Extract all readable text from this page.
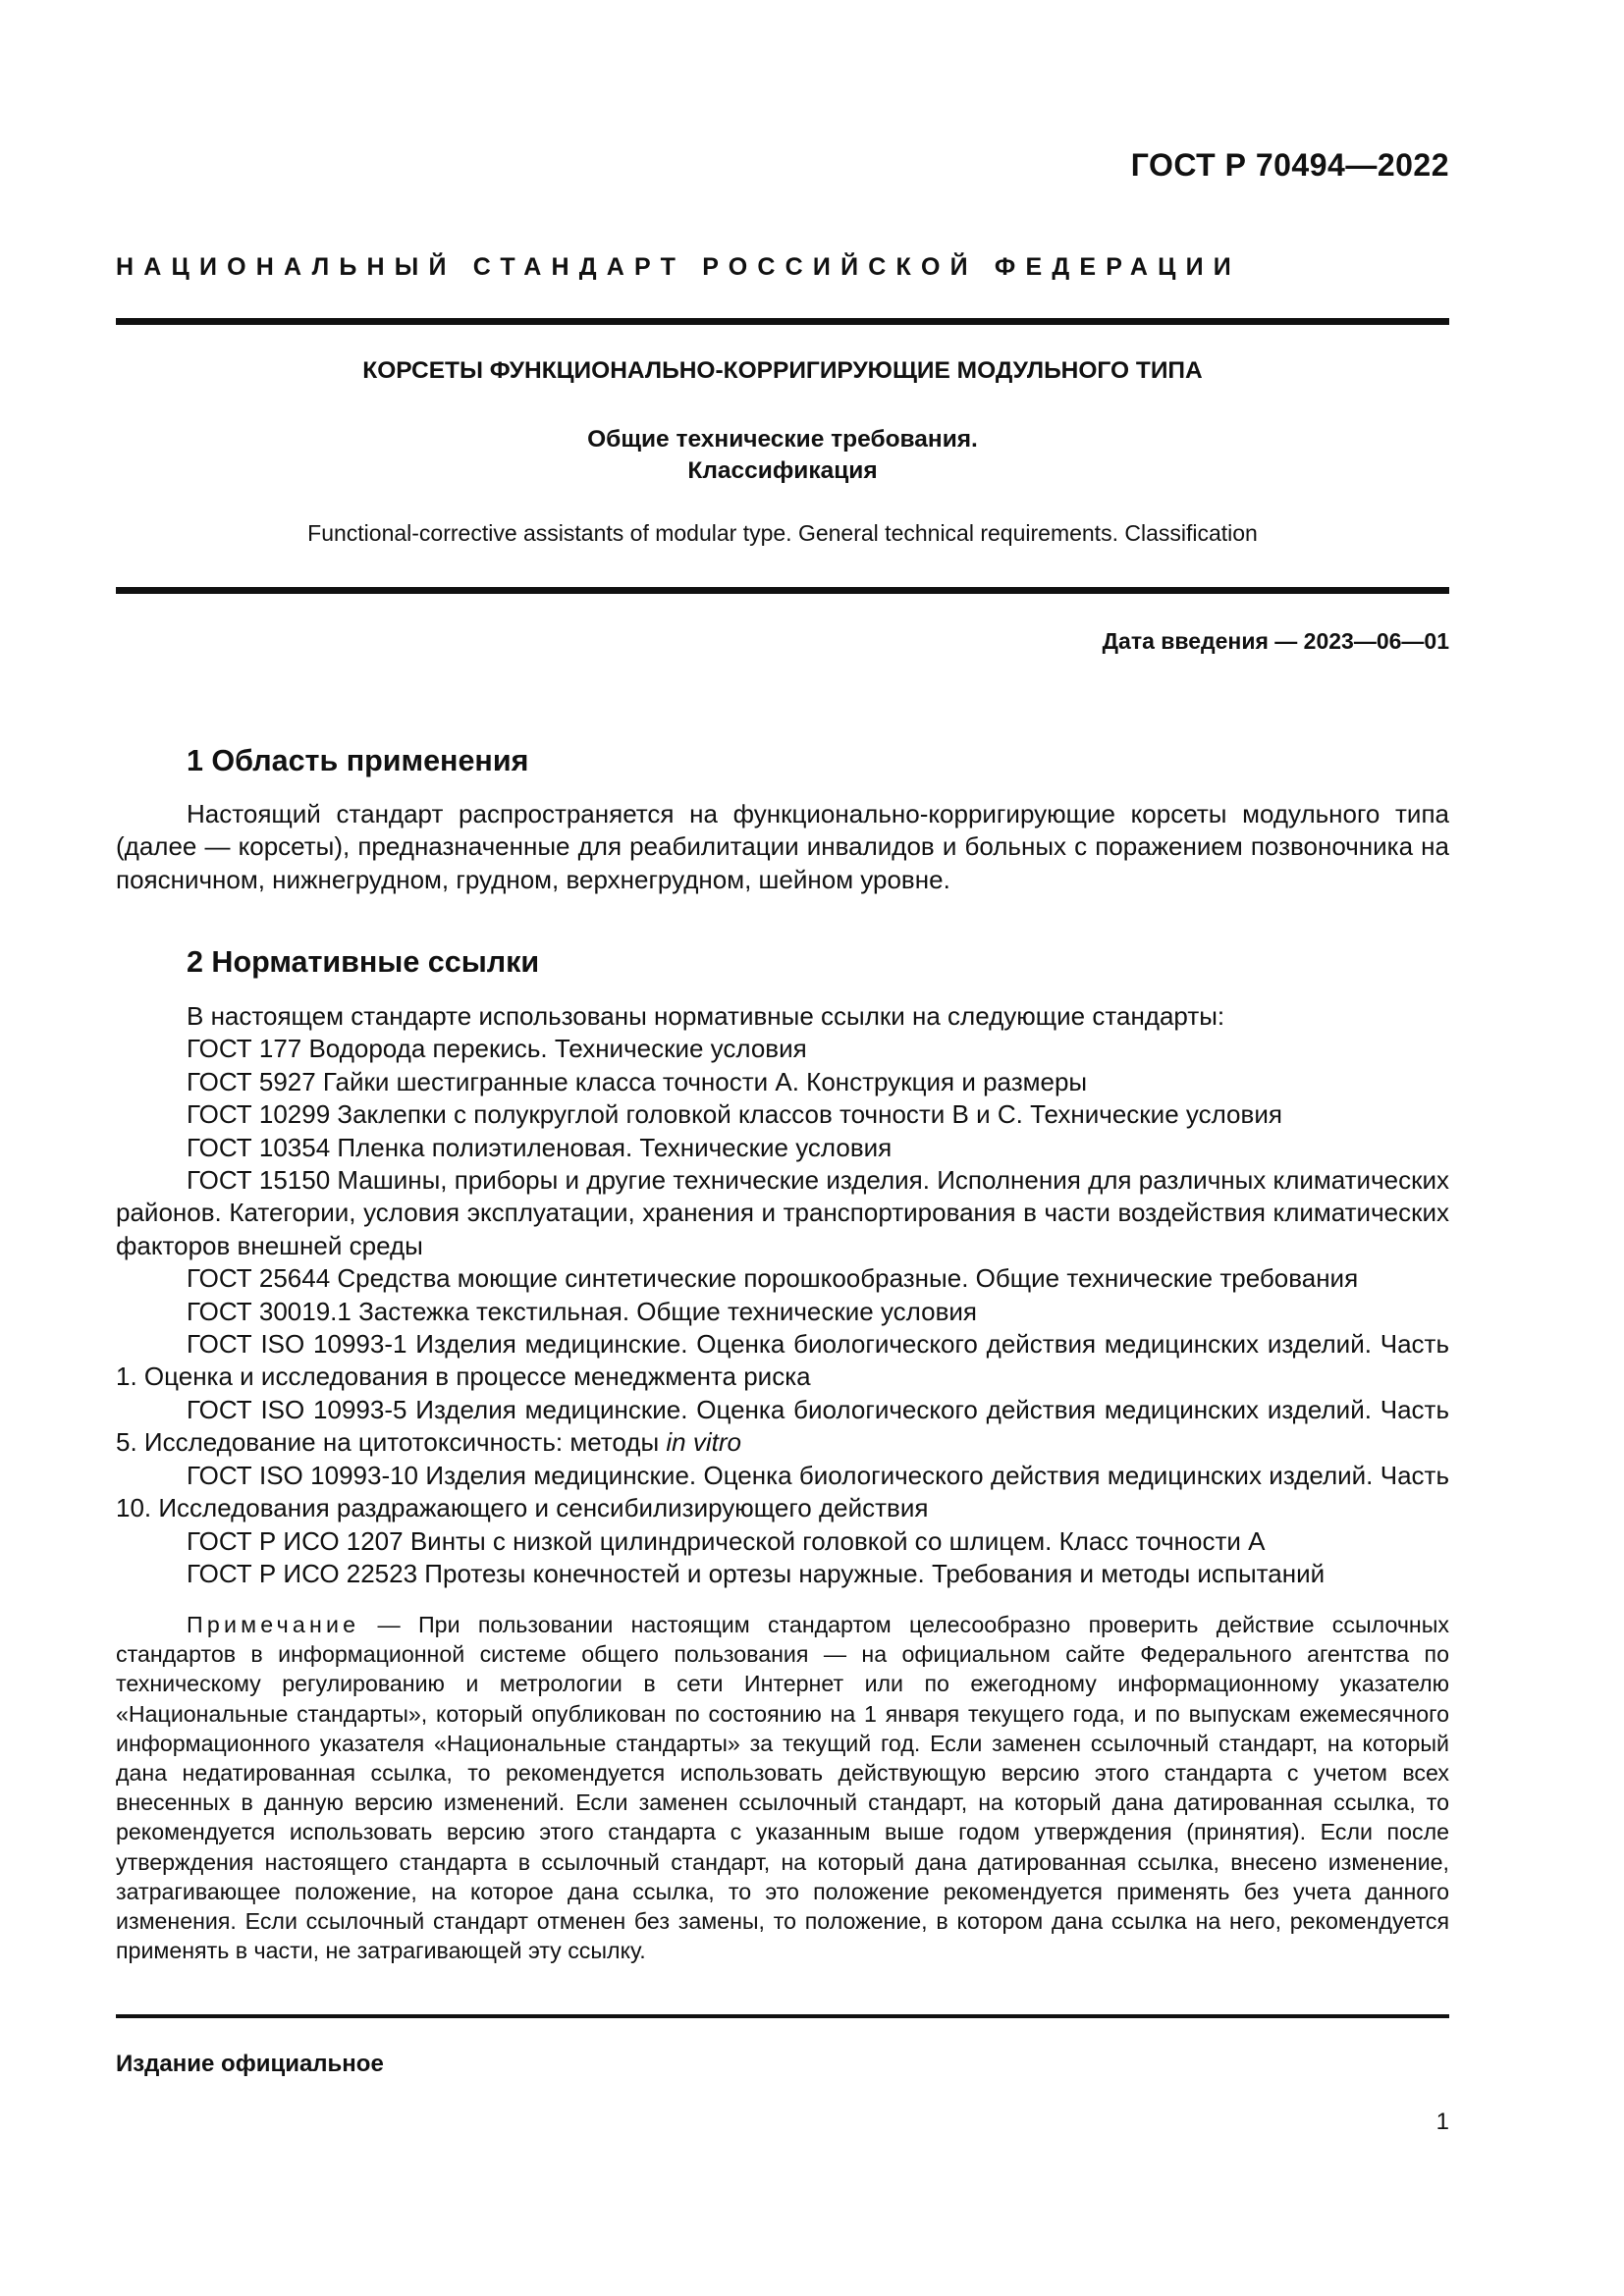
ГОСТ Р 70494—2022
НАЦИОНАЛЬНЫЙ СТАНДАРТ РОССИЙСКОЙ ФЕДЕРАЦИИ
КОРСЕТЫ ФУНКЦИОНАЛЬНО-КОРРИГИРУЮЩИЕ МОДУЛЬНОГО ТИПА
Общие технические требования.
Классификация
Functional-corrective assistants of modular type. General technical requirements. Classification
Дата введения — 2023—06—01
1 Область применения

Настоящий стандарт распространяется на функционально-корригирующие корсеты модульного типа (далее — корсеты), предназначенные для реабилитации инвалидов и больных с поражением позвоночника на поясничном, нижнегрудном, грудном, верхнегрудном, шейном уровне.

2 Нормативные ссылки

В настоящем стандарте использованы нормативные ссылки на следующие стандарты:

ГОСТ 177 Водорода перекись. Технические условия

ГОСТ 5927 Гайки шестигранные класса точности А. Конструкция и размеры

ГОСТ 10299 Заклепки с полукруглой головкой классов точности В и С. Технические условия

ГОСТ 10354 Пленка полиэтиленовая. Технические условия

ГОСТ 15150 Машины, приборы и другие технические изделия. Исполнения для различных климатических районов. Категории, условия эксплуатации, хранения и транспортирования в части воздействия климатических факторов внешней среды

ГОСТ 25644 Средства моющие синтетические порошкообразные. Общие технические требования

ГОСТ 30019.1 Застежка текстильная. Общие технические условия

ГОСТ ISO 10993-1 Изделия медицинские. Оценка биологического действия медицинских изделий. Часть 1. Оценка и исследования в процессе менеджмента риска

ГОСТ ISO 10993-5 Изделия медицинские. Оценка биологического действия медицинских изделий. Часть 5. Исследование на цитотоксичность: методы in vitro

ГОСТ ISO 10993-10 Изделия медицинские. Оценка биологического действия медицинских изделий. Часть 10. Исследования раздражающего и сенсибилизирующего действия

ГОСТ Р ИСО 1207 Винты с низкой цилиндрической головкой со шлицем. Класс точности А

ГОСТ Р ИСО 22523 Протезы конечностей и ортезы наружные. Требования и методы испытаний

Примечание — При пользовании настоящим стандартом целесообразно проверить действие ссылочных стандартов в информационной системе общего пользования — на официальном сайте Федерального агентства по техническому регулированию и метрологии в сети Интернет или по ежегодному информационному указателю «Национальные стандарты», который опубликован по состоянию на 1 января текущего года, и по выпускам ежемесячного информационного указателя «Национальные стандарты» за текущий год. Если заменен ссылочный стандарт, на который дана недатированная ссылка, то рекомендуется использовать действующую версию этого стандарта с учетом всех внесенных в данную версию изменений. Если заменен ссылочный стандарт, на который дана датированная ссылка, то рекомендуется использовать версию этого стандарта с указанным выше годом утверждения (принятия). Если после утверждения настоящего стандарта в ссылочный стандарт, на который дана датированная ссылка, внесено изменение, затрагивающее положение, на которое дана ссылка, то это положение рекомендуется применять без учета данного изменения. Если ссылочный стандарт отменен без замены, то положение, в котором дана ссылка на него, рекомендуется применять в части, не затрагивающей эту ссылку.
Издание официальное
1
